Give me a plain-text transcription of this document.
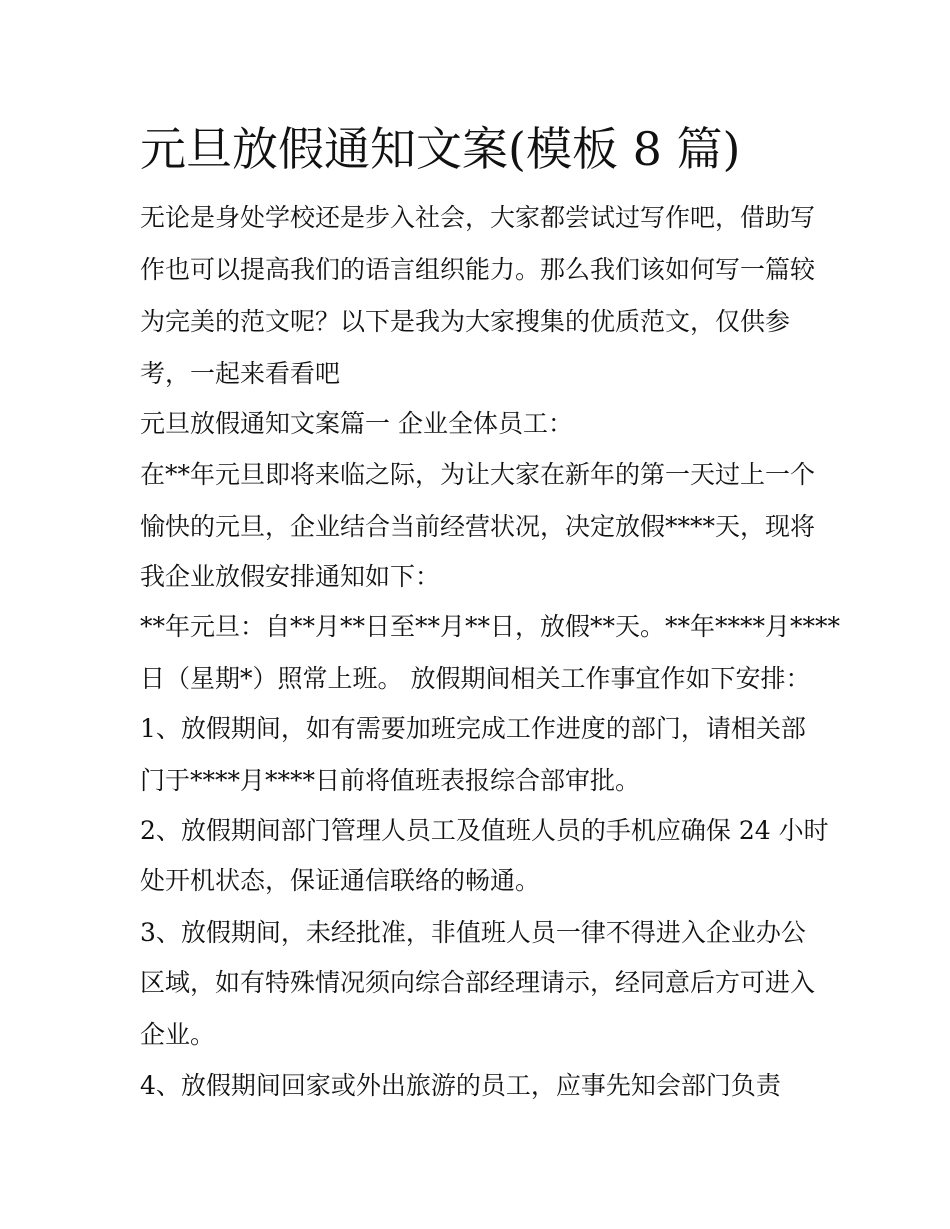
元旦放假通知文案(模板 8 篇)

无论是身处学校还是步入社会，大家都尝试过写作吧，借助写

作也可以提高我们的语言组织能力。那么我们该如何写一篇较

为完美的范文呢？以下是我为大家搜集的优质范文，仅供参

考，一起来看看吧

元旦放假通知文案篇一 企业全体员工：

在**年元旦即将来临之际，为让大家在新年的第一天过上一个

愉快的元旦，企业结合当前经营状况，决定放假****天，现将

我企业放假安排通知如下：

**年元旦：自**月**日至**月**日，放假**天。**年****月****

日（星期*）照常上班。 放假期间相关工作事宜作如下安排：

1、放假期间，如有需要加班完成工作进度的部门，请相关部

门于****月****日前将值班表报综合部审批。

2、放假期间部门管理人员工及值班人员的手机应确保 24 小时

处开机状态，保证通信联络的畅通。

3、放假期间，未经批准，非值班人员一律不得进入企业办公

区域，如有特殊情况须向综合部经理请示，经同意后方可进入

企业。

4、放假期间回家或外出旅游的员工，应事先知会部门负责
